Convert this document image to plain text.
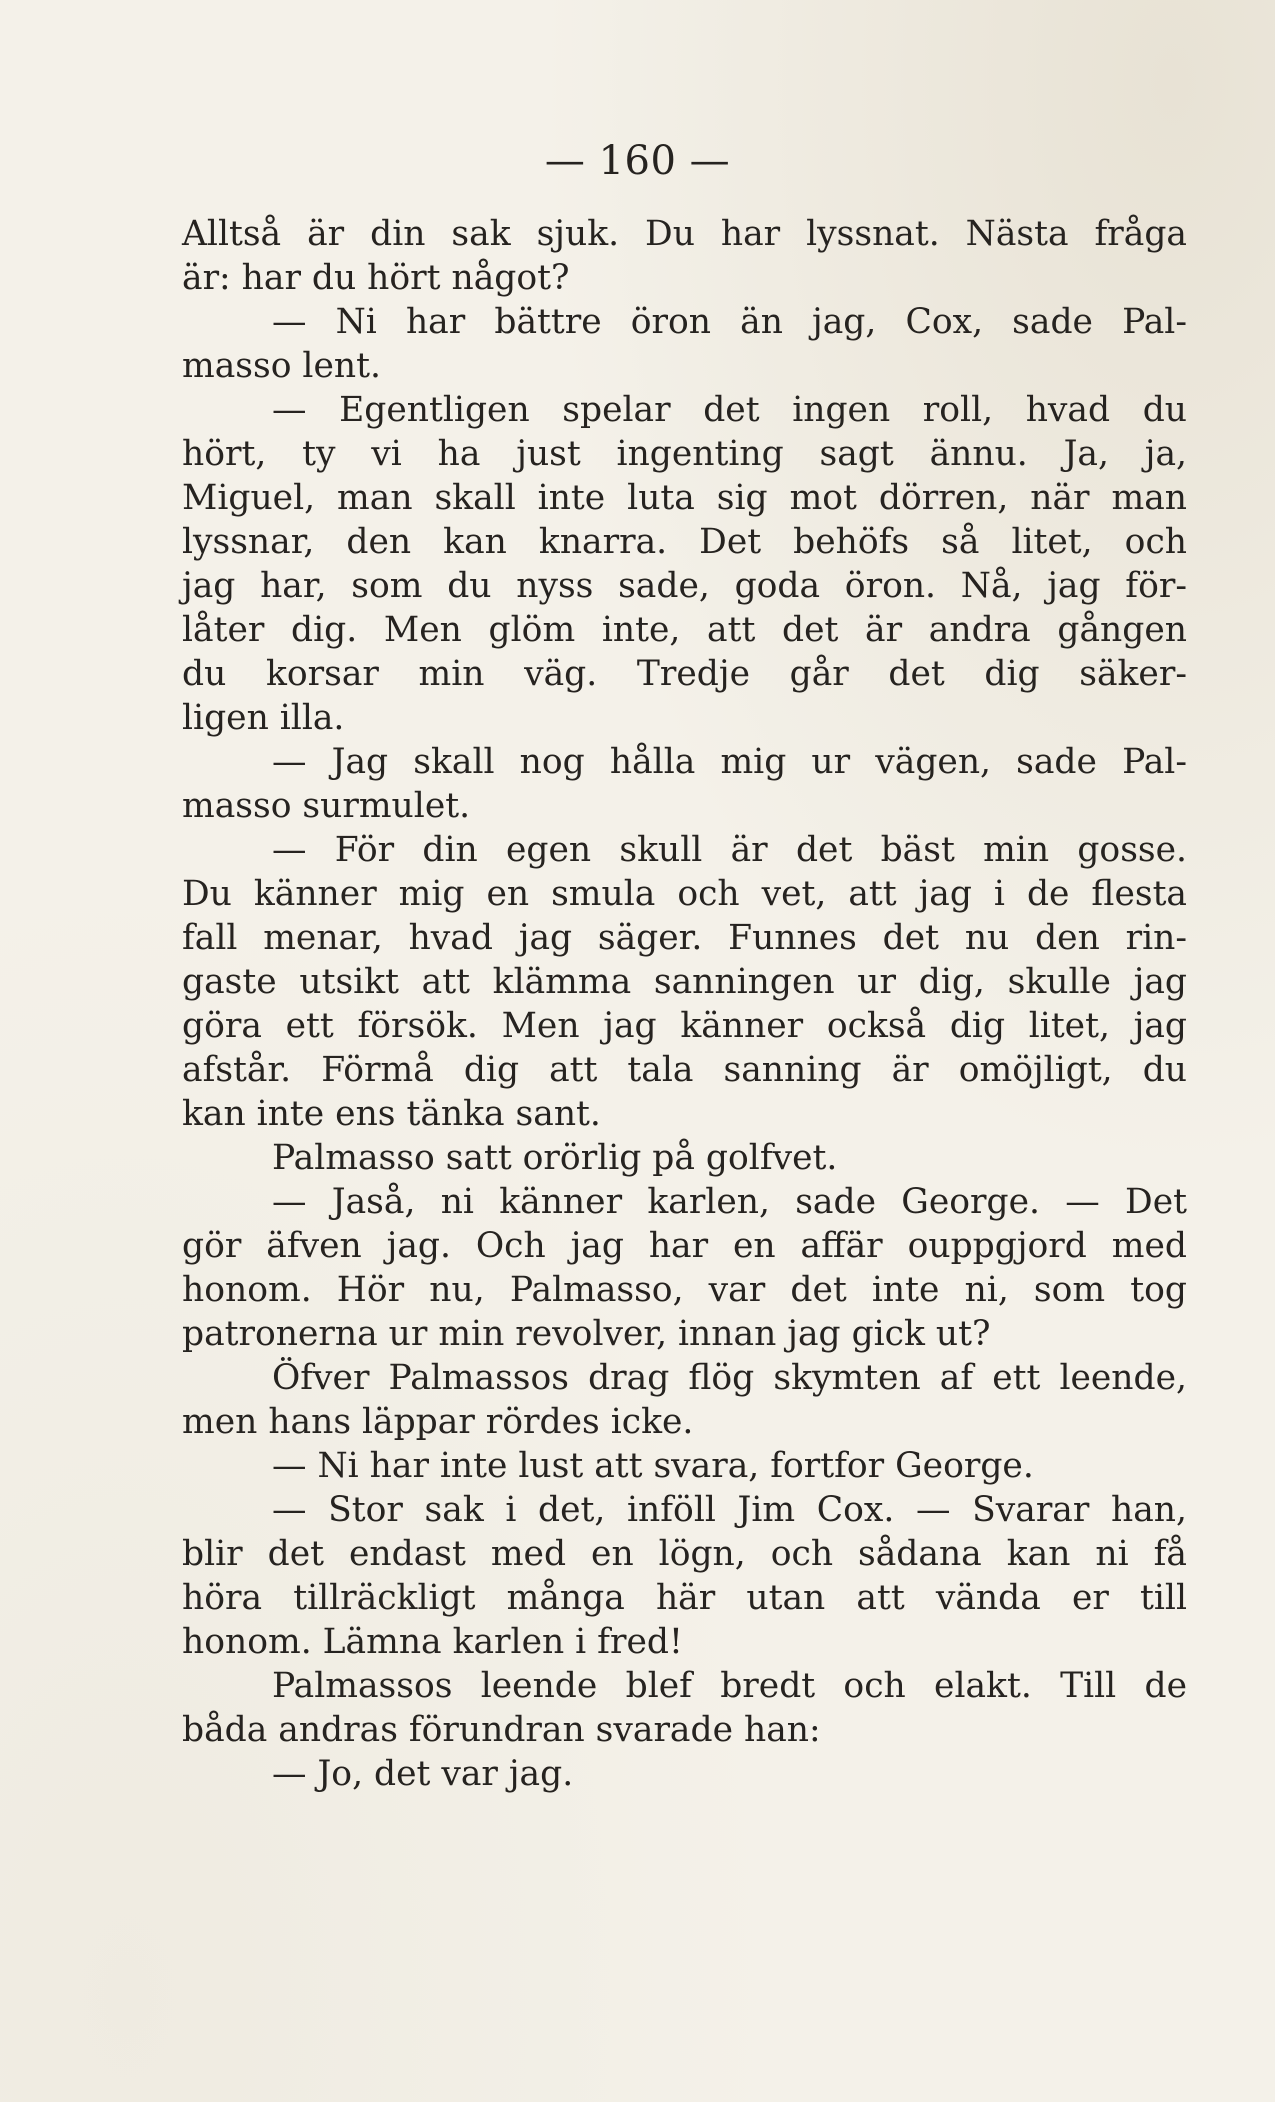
— 160 —
Alltså är din sak sjuk. Du har lyssnat. Nästa fråga
är: har du hört något?
— Ni har bättre öron än jag, Cox, sade Pal-
masso lent.
— Egentligen spelar det ingen roll, hvad du
hört, ty vi ha just ingenting sagt ännu. Ja, ja,
Miguel, man skall inte luta sig mot dörren, när man
lyssnar, den kan knarra. Det behöfs så litet, och
jag har, som du nyss sade, goda öron. Nå, jag för-
låter dig. Men glöm inte, att det är andra gången
du korsar min väg. Tredje går det dig säker-
ligen illa.
— Jag skall nog hålla mig ur vägen, sade Pal-
masso surmulet.
— För din egen skull är det bäst min gosse.
Du känner mig en smula och vet, att jag i de flesta
fall menar, hvad jag säger. Funnes det nu den rin-
gaste utsikt att klämma sanningen ur dig, skulle jag
göra ett försök. Men jag känner också dig litet, jag
afstår. Förmå dig att tala sanning är omöjligt, du
kan inte ens tänka sant.
Palmasso satt orörlig på golfvet.
— Jaså, ni känner karlen, sade George. — Det
gör äfven jag. Och jag har en affär ouppgjord med
honom. Hör nu, Palmasso, var det inte ni, som tog
patronerna ur min revolver, innan jag gick ut?
Öfver Palmassos drag flög skymten af ett leende,
men hans läppar rördes icke.
— Ni har inte lust att svara, fortfor George.
— Stor sak i det, inföll Jim Cox. — Svarar han,
blir det endast med en lögn, och sådana kan ni få
höra tillräckligt många här utan att vända er till
honom. Lämna karlen i fred!
Palmassos leende blef bredt och elakt. Till de
båda andras förundran svarade han:
— Jo, det var jag.
